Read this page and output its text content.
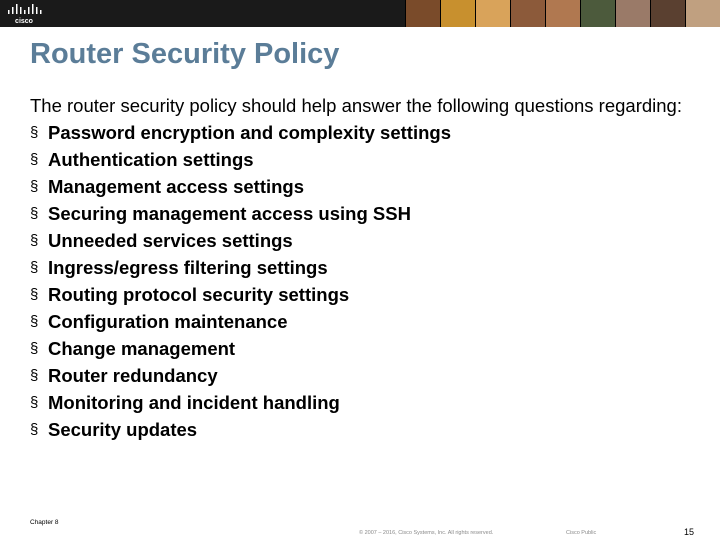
cisco
Router Security Policy

The router security policy should help answer the following questions regarding:

§ Password encryption and complexity settings
§ Authentication settings
§ Management access settings
§ Securing management access using SSH
§ Unneeded services settings
§ Ingress/egress filtering settings
§ Routing protocol security settings
§ Configuration maintenance
§ Change management
§ Router redundancy
§ Monitoring and incident handling
§ Security updates
Chapter 8
© 2007 – 2016, Cisco Systems, Inc. All rights reserved.	Cisco Public	15
